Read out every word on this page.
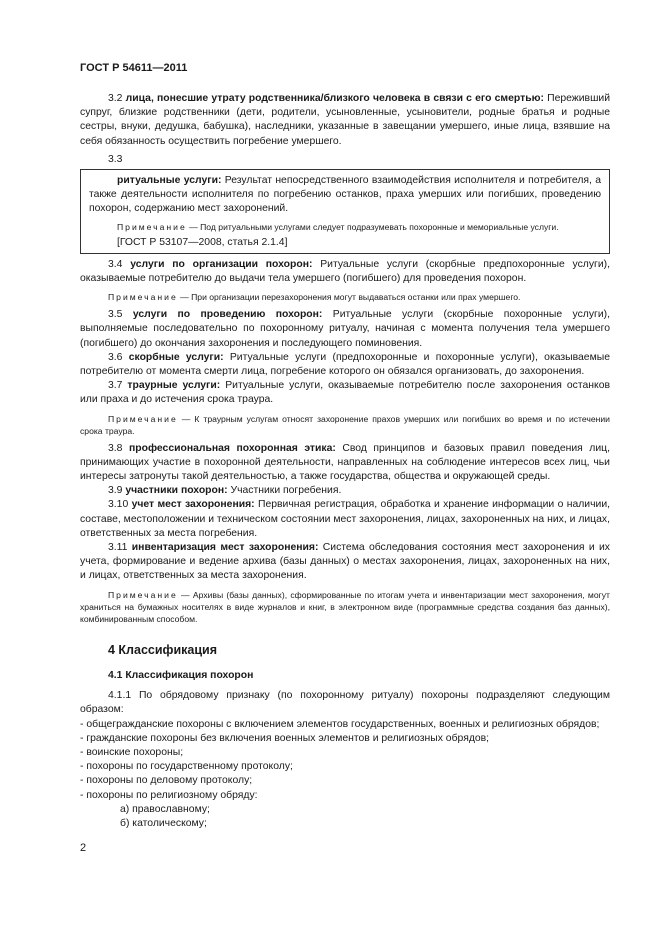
ГОСТ Р 54611—2011

3.2 лица, понесшие утрату родственника/близкого человека в связи с его смертью: Переживший супруг, близкие родственники (дети, родители, усыновленные, усыновители, родные братья и родные сестры, внуки, дедушка, бабушка), наследники, указанные в завещании умершего, иные лица, взявшие на себя обязанность осуществить погребение умершего.

3.3

ритуальные услуги: Результат непосредственного взаимодействия исполнителя и потребителя, а также деятельности исполнителя по погребению останков, праха умерших или погибших, проведению похорон, содержанию мест захоронений.

Примечание — Под ритуальными услугами следует подразумевать похоронные и мемориальные услуги.

[ГОСТ Р 53107—2008, статья 2.1.4]

3.4 услуги по организации похорон: Ритуальные услуги (скорбные предпохоронные услуги), оказываемые потребителю до выдачи тела умершего (погибшего) для проведения похорон.

Примечание — При организации перезахоронения могут выдаваться останки или прах умершего.

3.5 услуги по проведению похорон: Ритуальные услуги (скорбные похоронные услуги), выполняемые последовательно по похоронному ритуалу, начиная с момента получения тела умершего (погибшего) до окончания захоронения и последующего поминовения.

3.6 скорбные услуги: Ритуальные услуги (предпохоронные и похоронные услуги), оказываемые потребителю от момента смерти лица, погребение которого он обязался организовать, до захоронения.

3.7 траурные услуги: Ритуальные услуги, оказываемые потребителю после захоронения останков или праха и до истечения срока траура.

Примечание — К траурным услугам относят захоронение прахов умерших или погибших во время и по истечении срока траура.

3.8 профессиональная похоронная этика: Свод принципов и базовых правил поведения лиц, принимающих участие в похоронной деятельности, направленных на соблюдение интересов всех лиц, чьи интересы затронуты такой деятельностью, а также государства, общества и окружающей среды.

3.9 участники похорон: Участники погребения.

3.10 учет мест захоронения: Первичная регистрация, обработка и хранение информации о наличии, составе, местоположении и техническом состоянии мест захоронения, лицах, захороненных на них, и лицах, ответственных за места погребения.

3.11 инвентаризация мест захоронения: Система обследования состояния мест захоронения и их учета, формирование и ведение архива (базы данных) о местах захоронения, лицах, захороненных на них, и лицах, ответственных за места захоронения.

Примечание — Архивы (базы данных), сформированные по итогам учета и инвентаризации мест захоронения, могут храниться на бумажных носителях в виде журналов и книг, в электронном виде (программные средства создания баз данных), комбинированным способом.

4 Классификация

4.1 Классификация похорон

4.1.1 По обрядовому признаку (по похоронному ритуалу) похороны подразделяют следующим образом:

- общегражданские похороны с включением элементов государственных, военных и религиозных обрядов;

- гражданские похороны без включения военных элементов и религиозных обрядов;

- воинские похороны;

- похороны по государственному протоколу;

- похороны по деловому протоколу;

- похороны по религиозному обряду:

а) православному;

б) католическому;

2
